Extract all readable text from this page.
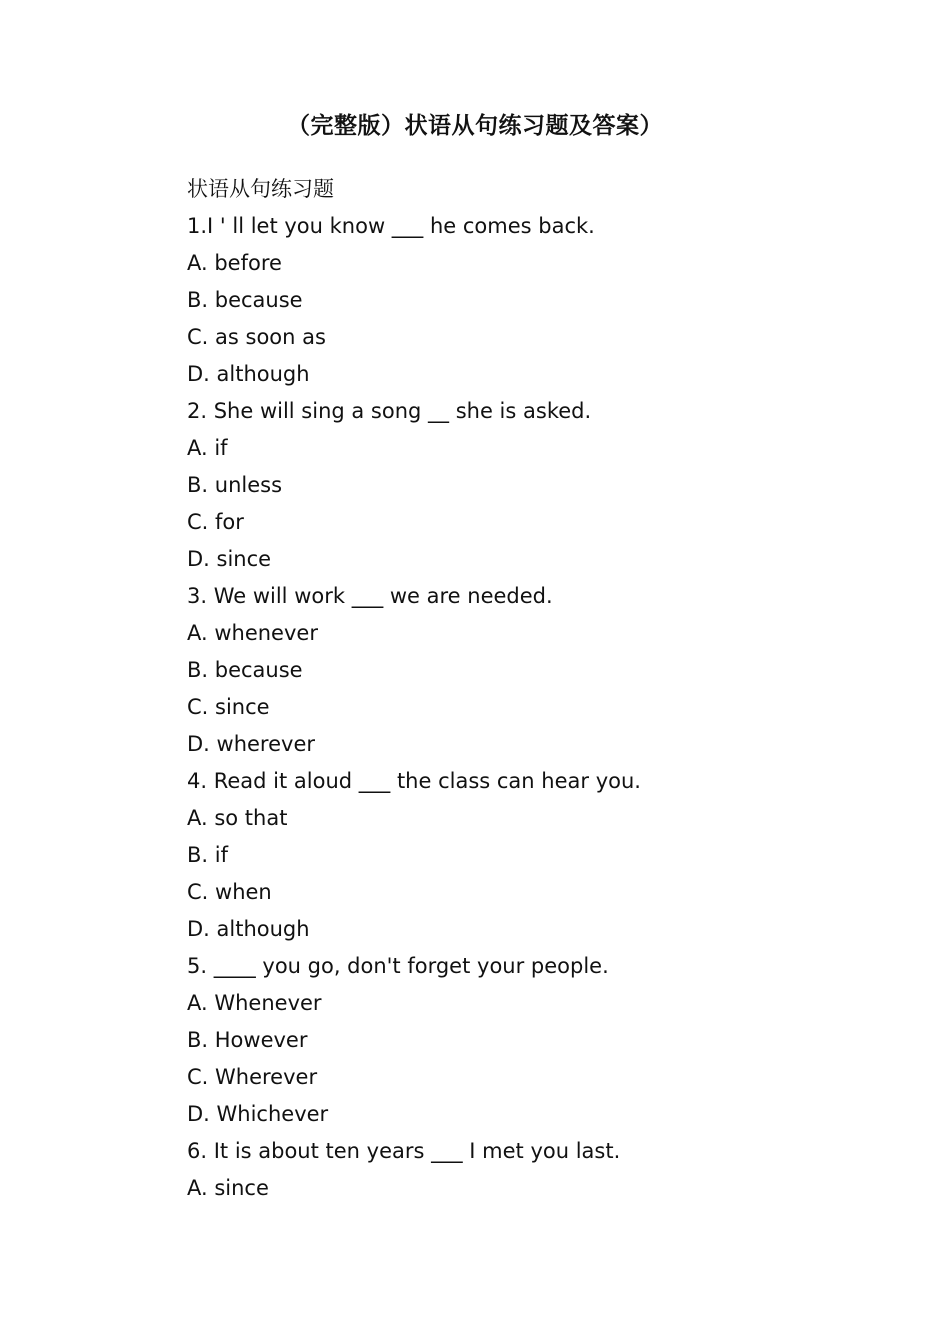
（完整版）状语从句练习题及答案）
状语从句练习题
1.I ' ll let you know ___ he comes back.
A. before
B. because
C. as soon as
D. although
2. She will sing a song __ she is asked.
A. if
B. unless
C. for
D. since
3. We will work ___ we are needed.
A. whenever
B. because
C. since
D. wherever
4. Read it aloud ___ the class can hear you.
A. so that
B. if
C. when
D. although
5. ____ you go, don't forget your people.
A. Whenever
B. However
C. Wherever
D. Whichever
6. It is about ten years ___ I met you last.
A. since
